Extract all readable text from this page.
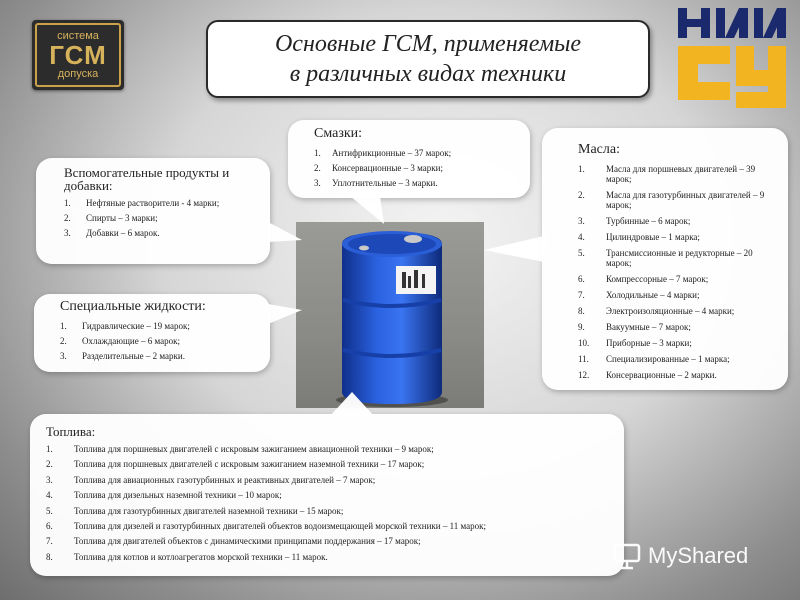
система
ГСМ
допуска
Основные ГСМ, применяемые
в различных видах техники
Смазки:
1.	Антифрикционные – 37 марок;
2.	Консервационные – 3 марки;
3.	Уплотнительные – 3 марки.
Вспомогательные продукты и добавки:
1.	Нефтяные растворители - 4 марки;
2.	Спирты – 3 марки;
3.	Добавки – 6 марок.
Специальные жидкости:
1.	Гидравлические – 19 марок;
2.	Охлаждающие – 6 марок;
3.	Разделительные – 2 марки.
Масла:
1.	Масла для поршневых двигателей – 39 марок;
2.	Масла для газотурбинных двигателей – 9 марок;
3.	Турбинные – 6 марок;
4.	Цилиндровые – 1 марка;
5.	Трансмиссионные и редукторные – 20 марок;
6.	Компрессорные – 7 марок;
7.	Холодильные – 4 марки;
8.	Электроизоляционные – 4 марки;
9.	Вакуумные – 7 марок;
10.	Приборные – 3 марки;
11.	Специализированные – 1 марка;
12.	Консервационные – 2 марки.
Топлива:
1.	Топлива для поршневых двигателей с искровым зажиганием авиационной техники – 9 марок;
2.	Топлива для поршневых двигателей с искровым зажиганием наземной техники – 17 марок;
3.	Топлива для авиационных газотурбинных и реактивных двигателей – 7 марок;
4.	Топлива для дизельных наземной техники – 10 марок;
5.	Топлива для газотурбинных двигателей наземной техники – 15 марок;
6.	Топлива для дизелей и газотурбинных двигателей объектов водоизмещающей морской техники – 11 марок;
7.	Топлива для двигателей объектов с динамическими принципами поддержания – 17 марок;
8.	Топлива для котлов и котлоагрегатов морской техники – 11 марок.	MyShared
